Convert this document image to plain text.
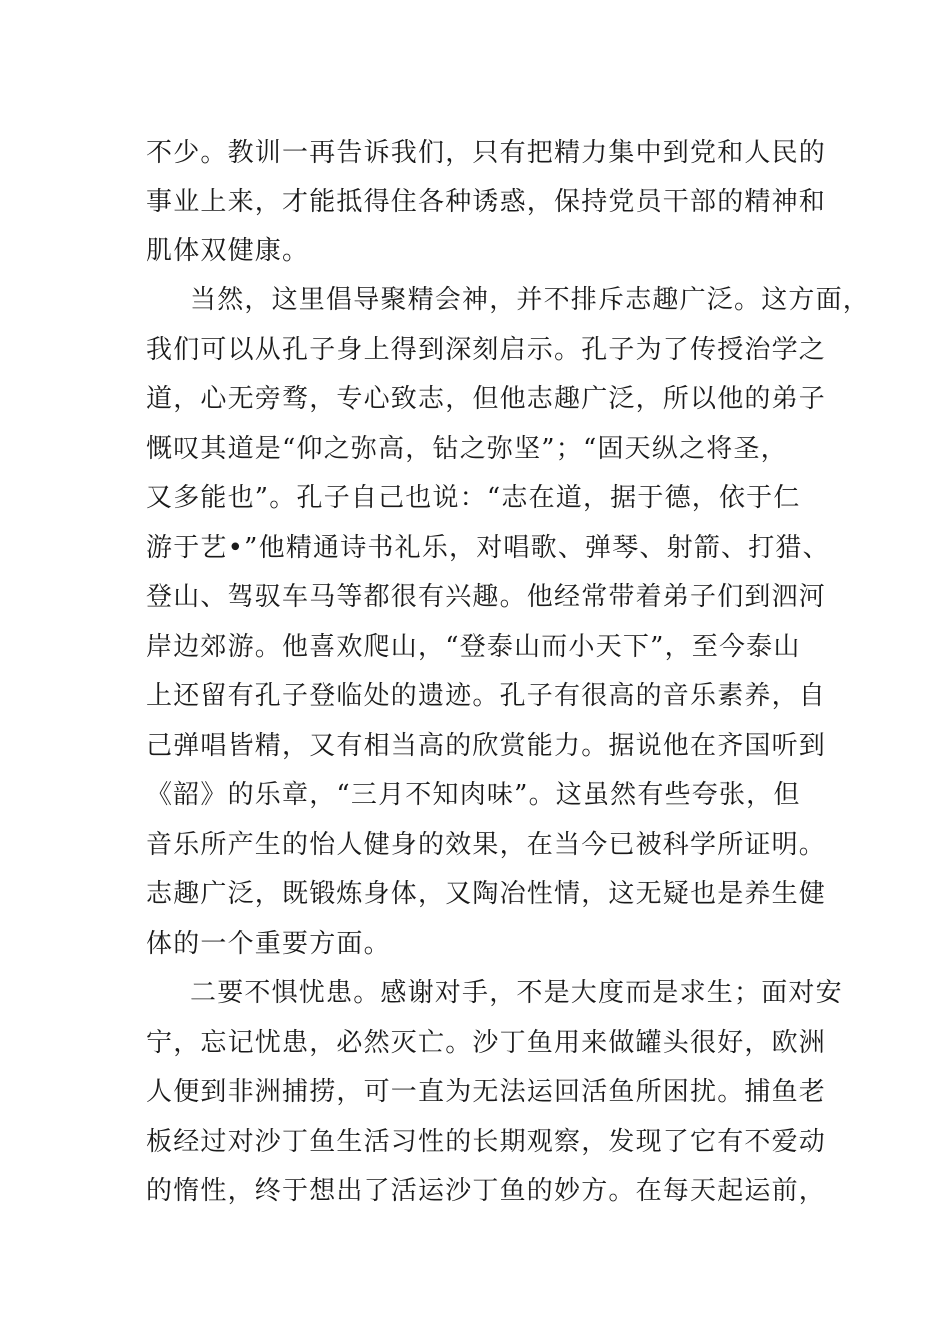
不少。教训一再告诉我们，只有把精力集中到党和人民的
事业上来，才能抵得住各种诱惑，保持党员干部的精神和
肌体双健康。
当然，这里倡导聚精会神，并不排斥志趣广泛。这方面，
我们可以从孔子身上得到深刻启示。孔子为了传授治学之
道，心无旁骛，专心致志，但他志趣广泛，所以他的弟子
慨叹其道是“仰之弥高，钻之弥坚”；“固天纵之将圣，
又多能也”。孔子自己也说：“志在道，据于德，依于仁
游于艺•”他精通诗书礼乐，对唱歌、弹琴、射箭、打猎、
登山、驾驭车马等都很有兴趣。他经常带着弟子们到泗河
岸边郊游。他喜欢爬山，“登泰山而小天下”，至今泰山
上还留有孔子登临处的遗迹。孔子有很高的音乐素养，自
己弹唱皆精，又有相当高的欣赏能力。据说他在齐国听到
《韶》的乐章，“三月不知肉味”。这虽然有些夸张，但
音乐所产生的怡人健身的效果，在当今已被科学所证明。
志趣广泛，既锻炼身体，又陶冶性情，这无疑也是养生健
体的一个重要方面。
二要不惧忧患。感谢对手，不是大度而是求生；面对安
宁，忘记忧患，必然灭亡。沙丁鱼用来做罐头很好，欧洲
人便到非洲捕捞，可一直为无法运回活鱼所困扰。捕鱼老
板经过对沙丁鱼生活习性的长期观察，发现了它有不爱动
的惰性，终于想出了活运沙丁鱼的妙方。在每天起运前，
